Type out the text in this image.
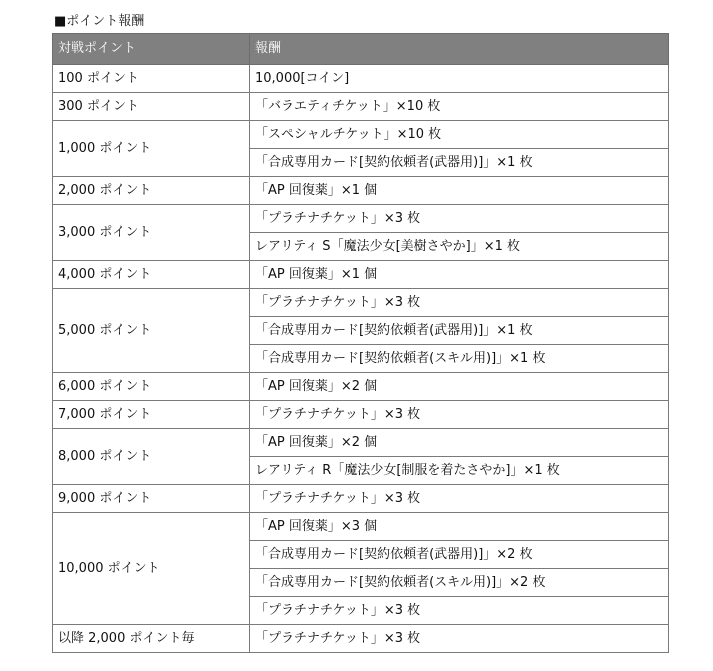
■ポイント報酬
対戦ポイント	報酬
100 ポイント	10,000[コイン]
300 ポイント	「バラエティチケット」×10 枚
1,000 ポイント	「スペシャルチケット」×10 枚
	「合成専用カード[契約依頼者(武器用)]」×1 枚
2,000 ポイント	「AP 回復薬」×1 個
3,000 ポイント	「プラチナチケット」×3 枚
	レアリティ S「魔法少女[美樹さやか]」×1 枚
4,000 ポイント	「AP 回復薬」×1 個
5,000 ポイント	「プラチナチケット」×3 枚
	「合成専用カード[契約依頼者(武器用)]」×1 枚
	「合成専用カード[契約依頼者(スキル用)]」×1 枚
6,000 ポイント	「AP 回復薬」×2 個
7,000 ポイント	「プラチナチケット」×3 枚
8,000 ポイント	「AP 回復薬」×2 個
	レアリティ R「魔法少女[制服を着たさやか]」×1 枚
9,000 ポイント	「プラチナチケット」×3 枚
10,000 ポイント	「AP 回復薬」×3 個
	「合成専用カード[契約依頼者(武器用)]」×2 枚
	「合成専用カード[契約依頼者(スキル用)]」×2 枚
	「プラチナチケット」×3 枚
以降 2,000 ポイント毎	「プラチナチケット」×3 枚
